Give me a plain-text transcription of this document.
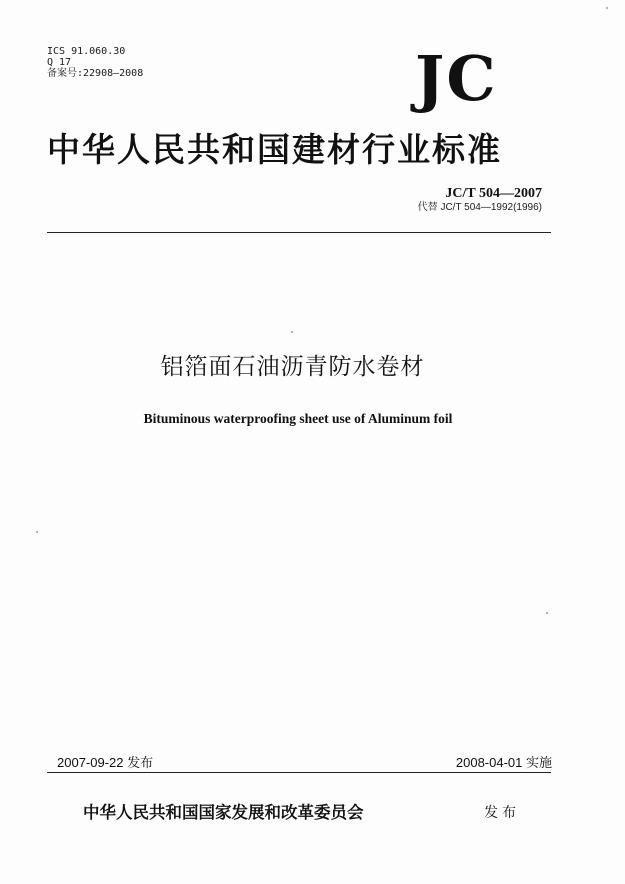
ICS 91.060.30
Q 17
备案号:22908—2008	JC
中华人民共和国建材行业标准
JC/T 504—2007
代替 JC/T 504—1992(1996)
铝箔面石油沥青防水卷材
Bituminous waterproofing sheet use of Aluminum foil
2007-09-22 发布	2008-04-01 实施
中华人民共和国国家发展和改革委员会	发布
